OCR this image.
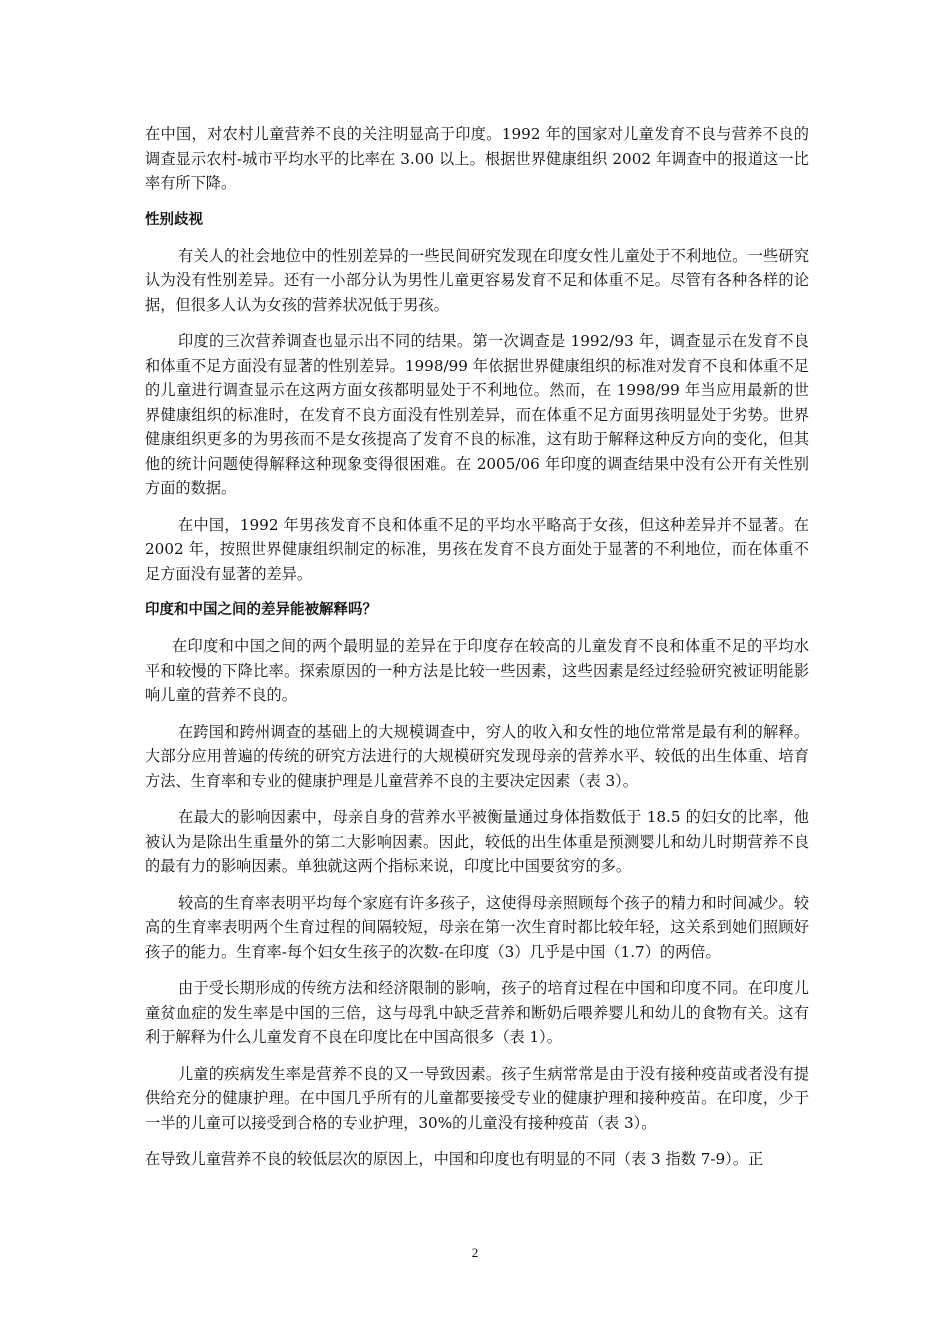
在中国，对农村儿童营养不良的关注明显高于印度。1992 年的国家对儿童发育不良与营养不良的调查显示农村-城市平均水平的比率在 3.00 以上。根据世界健康组织 2002 年调查中的报道这一比率有所下降。

性别歧视

有关人的社会地位中的性别差异的一些民间研究发现在印度女性儿童处于不利地位。一些研究认为没有性别差异。还有一小部分认为男性儿童更容易发育不足和体重不足。尽管有各种各样的论据，但很多人认为女孩的营养状况低于男孩。

印度的三次营养调查也显示出不同的结果。第一次调查是 1992/93 年，调查显示在发育不良和体重不足方面没有显著的性别差异。1998/99 年依据世界健康组织的标准对发育不良和体重不足的儿童进行调查显示在这两方面女孩都明显处于不利地位。然而，在 1998/99 年当应用最新的世界健康组织的标准时，在发育不良方面没有性别差异，而在体重不足方面男孩明显处于劣势。世界健康组织更多的为男孩而不是女孩提高了发育不良的标准，这有助于解释这种反方向的变化，但其他的统计问题使得解释这种现象变得很困难。在 2005/06 年印度的调查结果中没有公开有关性别方面的数据。

在中国，1992 年男孩发育不良和体重不足的平均水平略高于女孩，但这种差异并不显著。在 2002 年，按照世界健康组织制定的标准，男孩在发育不良方面处于显著的不利地位，而在体重不足方面没有显著的差异。

印度和中国之间的差异能被解释吗？

在印度和中国之间的两个最明显的差异在于印度存在较高的儿童发育不良和体重不足的平均水平和较慢的下降比率。探索原因的一种方法是比较一些因素，这些因素是经过经验研究被证明能影响儿童的营养不良的。

在跨国和跨州调查的基础上的大规模调查中，穷人的收入和女性的地位常常是最有利的解释。大部分应用普遍的传统的研究方法进行的大规模研究发现母亲的营养水平、较低的出生体重、培育方法、生育率和专业的健康护理是儿童营养不良的主要决定因素（表 3）。

在最大的影响因素中，母亲自身的营养水平被衡量通过身体指数低于 18.5 的妇女的比率，他被认为是除出生重量外的第二大影响因素。因此，较低的出生体重是预测婴儿和幼儿时期营养不良的最有力的影响因素。单独就这两个指标来说，印度比中国要贫穷的多。

较高的生育率表明平均每个家庭有许多孩子，这使得母亲照顾每个孩子的精力和时间减少。较高的生育率表明两个生育过程的间隔较短，母亲在第一次生育时都比较年轻，这关系到她们照顾好孩子的能力。生育率-每个妇女生孩子的次数-在印度（3）几乎是中国（1.7）的两倍。

由于受长期形成的传统方法和经济限制的影响，孩子的培育过程在中国和印度不同。在印度儿童贫血症的发生率是中国的三倍，这与母乳中缺乏营养和断奶后喂养婴儿和幼儿的食物有关。这有利于解释为什么儿童发育不良在印度比在中国高很多（表 1）。

儿童的疾病发生率是营养不良的又一导致因素。孩子生病常常是由于没有接种疫苗或者没有提供给充分的健康护理。在中国几乎所有的儿童都要接受专业的健康护理和接种疫苗。在印度，少于一半的儿童可以接受到合格的专业护理，30%的儿童没有接种疫苗（表 3）。

在导致儿童营养不良的较低层次的原因上，中国和印度也有明显的不同（表 3 指数 7-9）。正

2
